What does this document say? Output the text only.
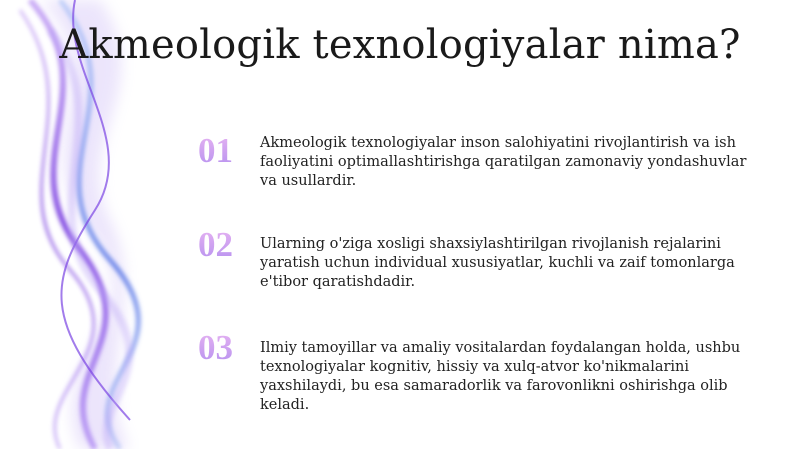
Akmeologik texnologiyalar nima?
01	Akmeologik texnologiyalar inson salohiyatini rivojlantirish va ish faoliyatini optimallashtirishga qaratilgan zamonaviy yondashuvlar va usullardir.
02	Ularning o'ziga xosligi shaxsiylashtirilgan rivojlanish rejalarini yaratish uchun individual xususiyatlar, kuchli va zaif tomonlarga e'tibor qaratishdadir.
03	Ilmiy tamoyillar va amaliy vositalardan foydalangan holda, ushbu texnologiyalar kognitiv, hissiy va xulq-atvor ko'nikmalarini yaxshilaydi, bu esa samaradorlik va farovonlikni oshirishga olib keladi.
